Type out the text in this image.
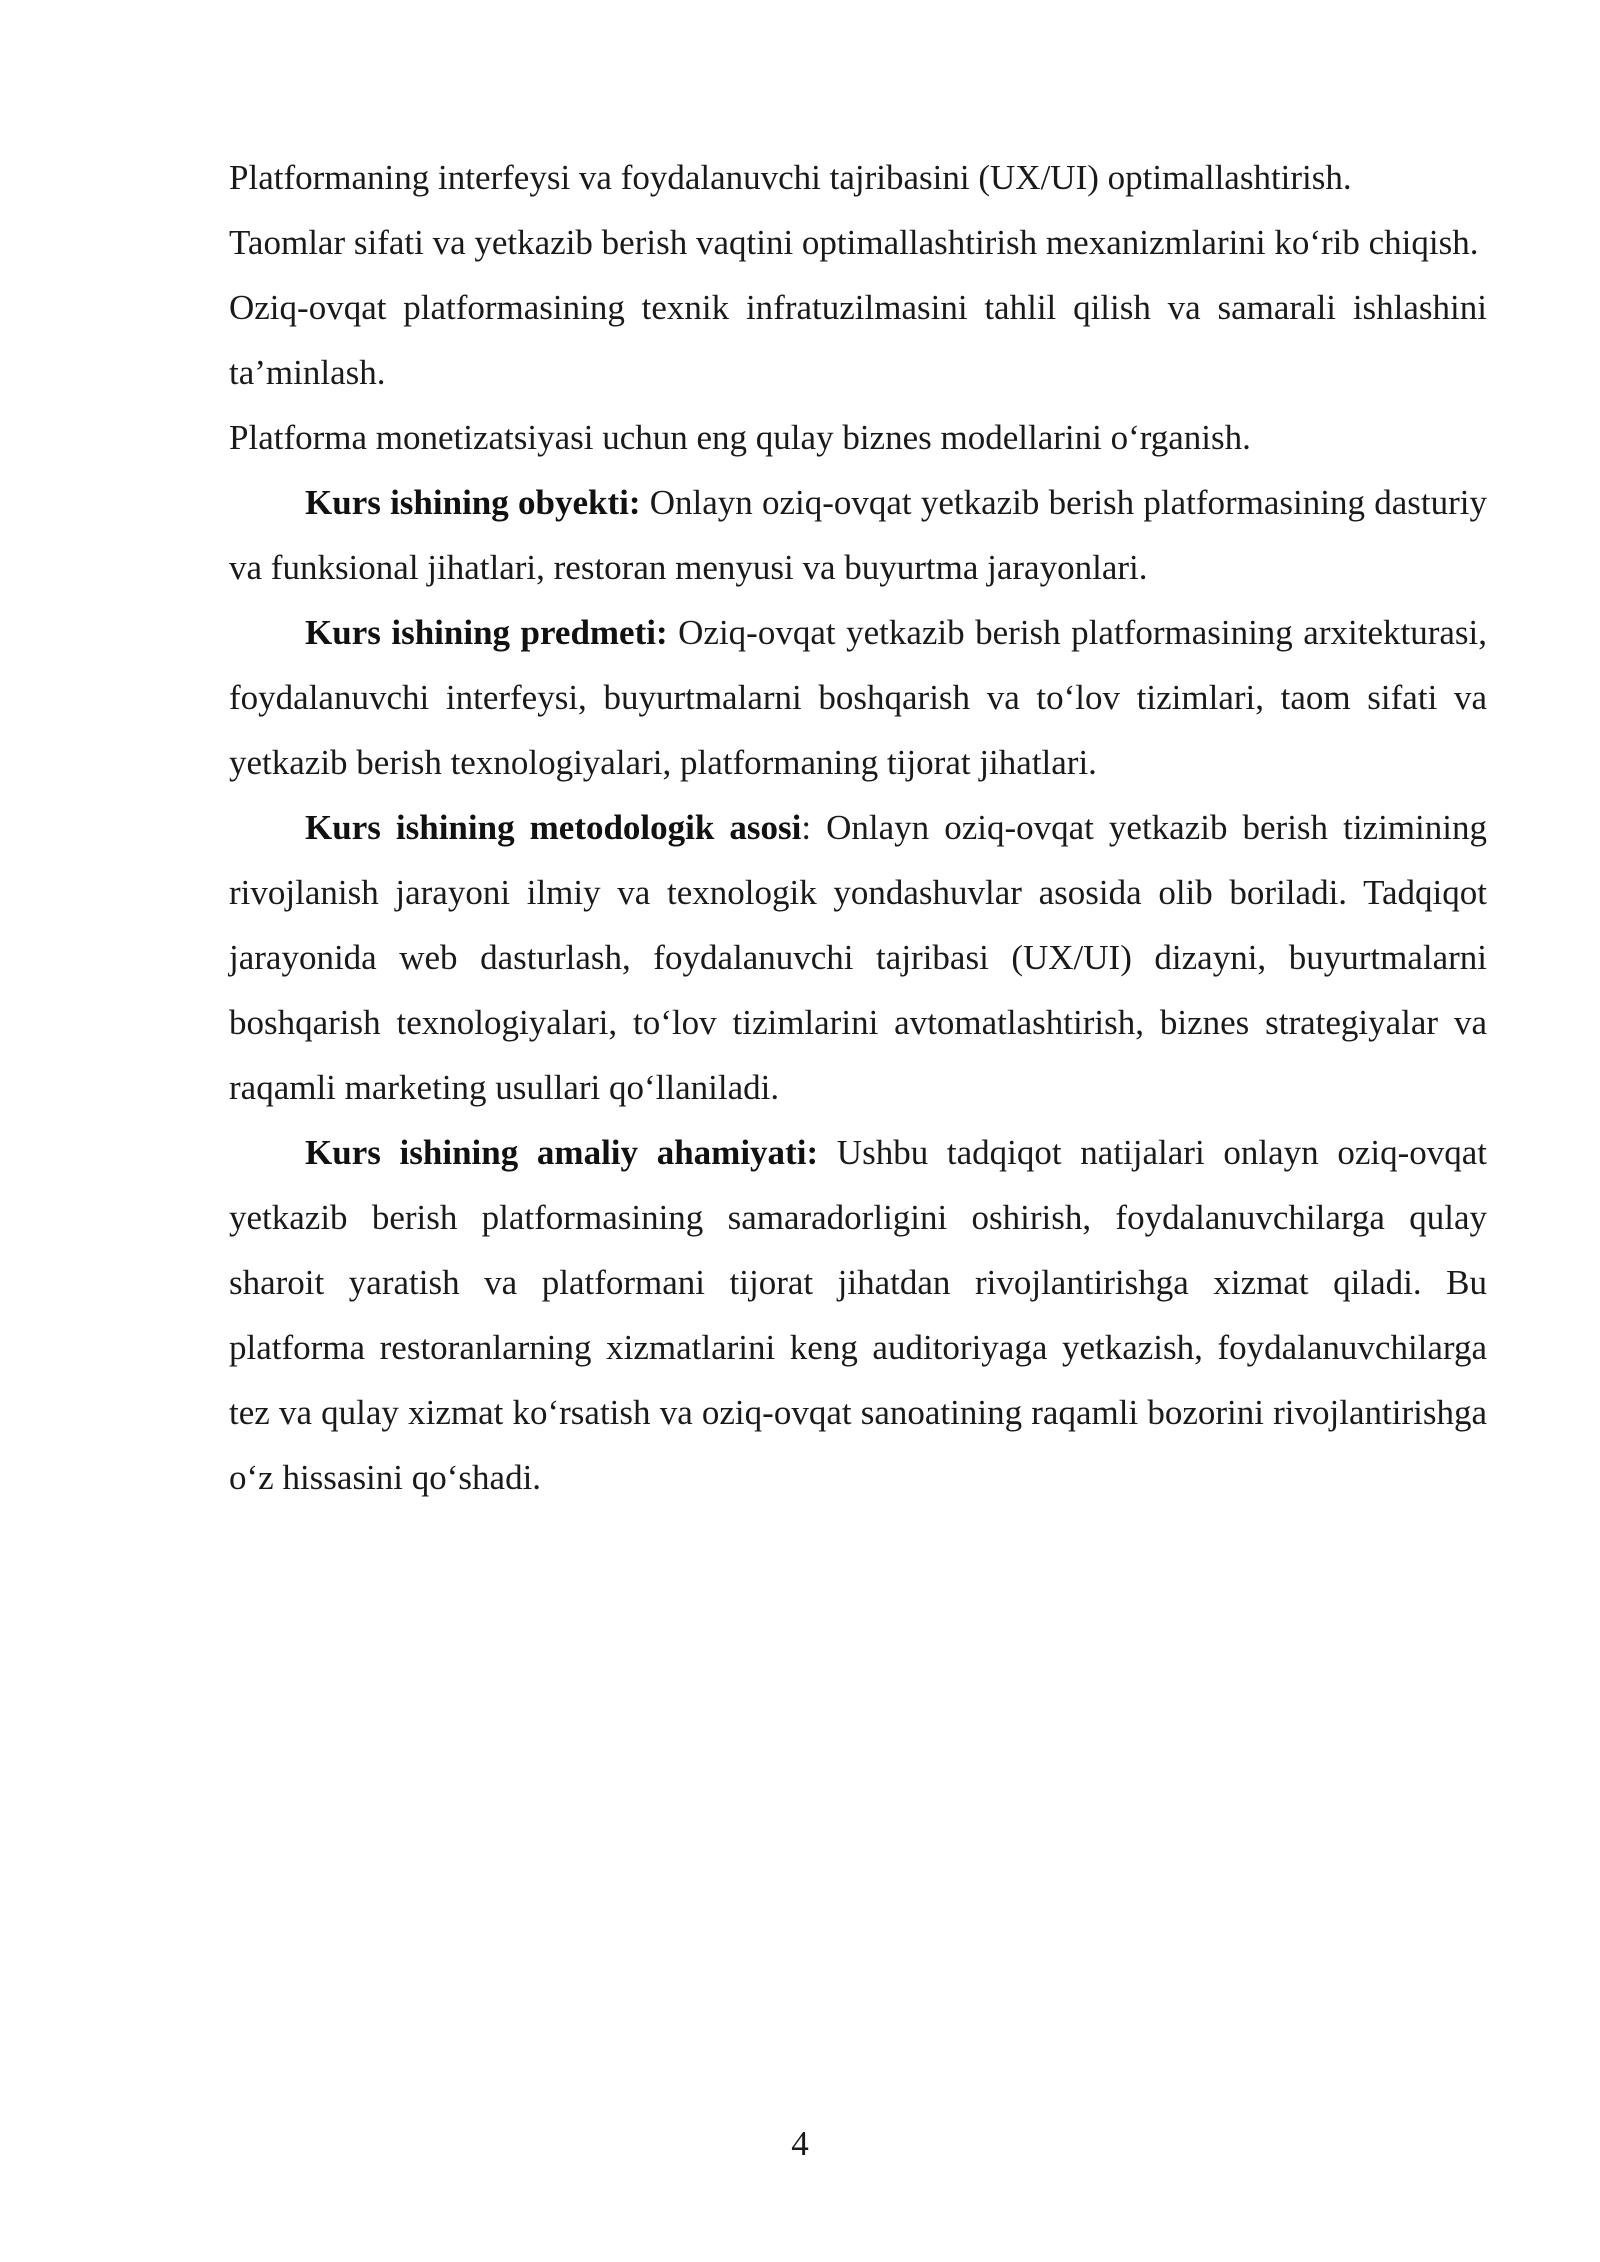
Platformaning interfeysi va foydalanuvchi tajribasini (UX/UI) optimallashtirish.

Taomlar sifati va yetkazib berish vaqtini optimallashtirish mexanizmlarini ko‘rib chiqish.

Oziq-ovqat platformasining texnik infratuzilmasini tahlil qilish va samarali ishlashini ta’minlash.

Platforma monetizatsiyasi uchun eng qulay biznes modellarini o‘rganish.

Kurs ishining obyekti: Onlayn oziq-ovqat yetkazib berish platformasining dasturiy va funksional jihatlari, restoran menyusi va buyurtma jarayonlari.

Kurs ishining predmeti: Oziq-ovqat yetkazib berish platformasining arxitekturasi, foydalanuvchi interfeysi, buyurtmalarni boshqarish va to‘lov tizimlari, taom sifati va yetkazib berish texnologiyalari, platformaning tijorat jihatlari.

Kurs ishining metodologik asosi: Onlayn oziq-ovqat yetkazib berish tizimining rivojlanish jarayoni ilmiy va texnologik yondashuvlar asosida olib boriladi. Tadqiqot jarayonida web dasturlash, foydalanuvchi tajribasi (UX/UI) dizayni, buyurtmalarni boshqarish texnologiyalari, to‘lov tizimlarini avtomatlashtirish, biznes strategiyalar va raqamli marketing usullari qo‘llaniladi.

Kurs ishining amaliy ahamiyati: Ushbu tadqiqot natijalari onlayn oziq-ovqat yetkazib berish platformasining samaradorligini oshirish, foydalanuvchilarga qulay sharoit yaratish va platformani tijorat jihatdan rivojlantirishga xizmat qiladi. Bu platforma restoranlarning xizmatlarini keng auditoriyaga yetkazish, foydalanuvchilarga tez va qulay xizmat ko‘rsatish va oziq-ovqat sanoatining raqamli bozorini rivojlantirishga o‘z hissasini qo‘shadi.

4
